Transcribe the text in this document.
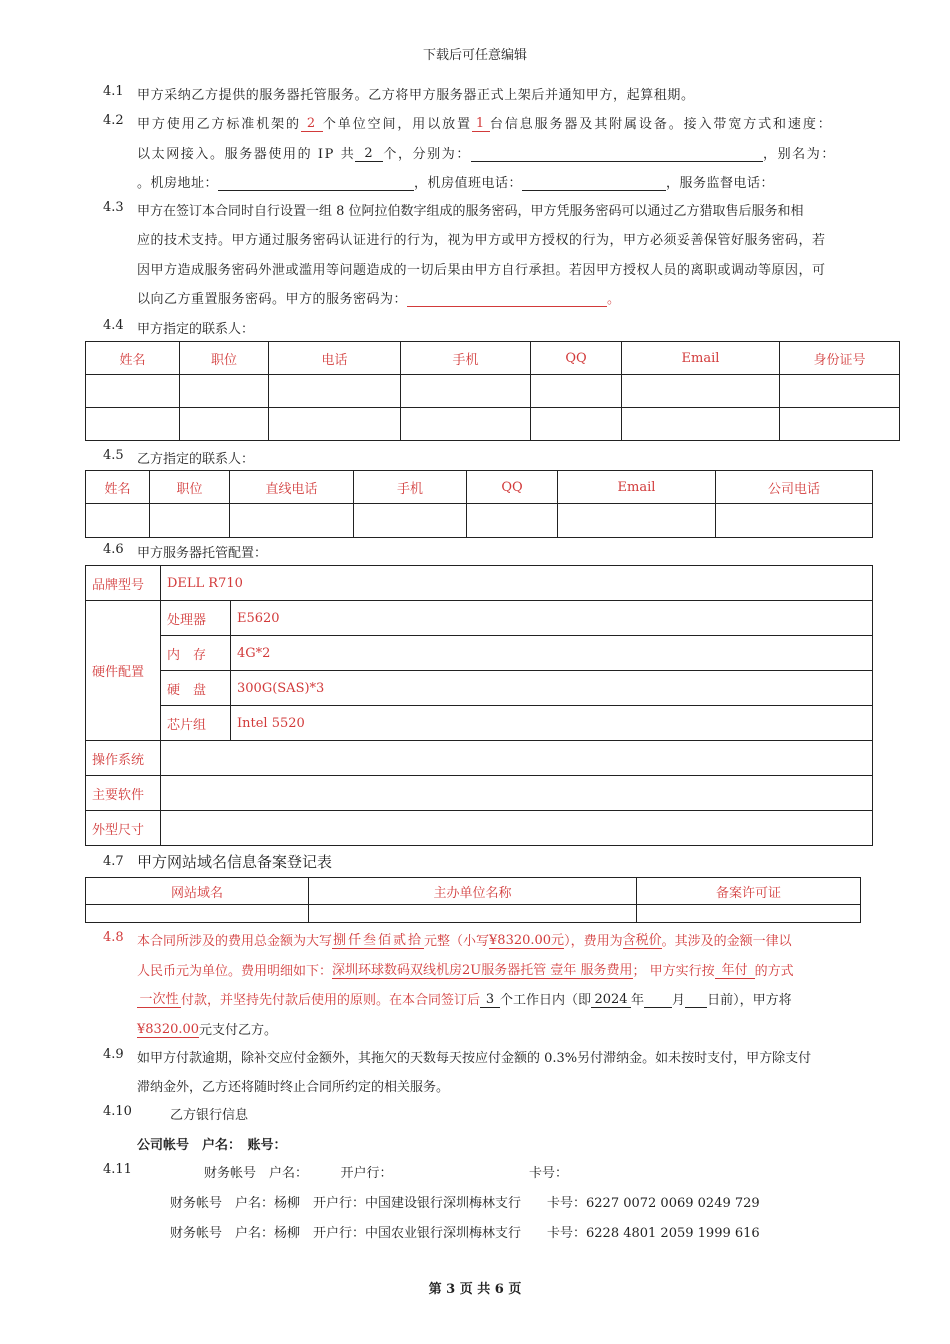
下载后可任意编辑
4.1 甲方采纳乙方提供的服务器托管服务。乙方将甲方服务器正式上架后并通知甲方，起算租期。
4.2 甲方使用乙方标准机架的 2 个单位空间，用以放置 1 台信息服务器及其附属设备。接入带宽方式和速度：
以太网接入。服务器使用的 IP 共 2 个，分别为：	，别名为：
。机房地址：	，机房值班电话：	，服务监督电话：
4.3 甲方在签订本合同时自行设置一组 8 位阿拉伯数字组成的服务密码，甲方凭服务密码可以通过乙方猎取售后服务和相
应的技术支持。甲方通过服务密码认证进行的行为，视为甲方或甲方授权的行为，甲方必须妥善保管好服务密码，若
因甲方造成服务密码外泄或滥用等问题造成的一切后果由甲方自行承担。若因甲方授权人员的离职或调动等原因，可
以向乙方重置服务密码。甲方的服务密码为：	。
4.4 甲方指定的联系人：
姓名	职位	电话	手机	QQ	Email	身份证号

4.5 乙方指定的联系人：
姓名	职位	直线电话	手机	QQ	Email	公司电话

4.6 甲方服务器托管配置：
品牌型号	DELL R710	
硬件配置	处理器	E5620
	内　存	4G*2
	硬　盘	300G(SAS)*3
	芯片组	Intel 5520
操作系统		
主要软件		
外型尺寸		
4.7 甲方网站域名信息备案登记表
网站域名	主办单位名称	备案许可证

4.8 本合同所涉及的费用总金额为大写捌仟叁佰贰拾元整（小写¥8320.00元），费用为含税价。其涉及的金额一律以
人民币元为单位。费用明细如下：深圳环球数码双线机房2U服务器托管 壹年 服务费用； 甲方实行按 年付 的方式
一次性 付款，并坚持先付款后使用的原则。在本合同签订后 3 个工作日内（即 2024 年 月 日前），甲方将
¥8320.00元支付乙方。
4.9 如甲方付款逾期，除补交应付金额外，其拖欠的天数每天按应付金额的 0.3%另付滞纳金。如未按时支付，甲方除支付
滞纳金外，乙方还将随时终止合同所约定的相关服务。
4.10	乙方银行信息
公司帐号　户名：　账号：
4.11	财务帐号　户名：　　　开户行：　　　　　　　　　　　卡号：
财务帐号　户名：杨柳　开户行：中国建设银行深圳梅林支行　　卡号：6227 0072 0069 0249 729
财务帐号　户名：杨柳　开户行：中国农业银行深圳梅林支行　　卡号：6228 4801 2059 1999 616
第 3 页 共 6 页
